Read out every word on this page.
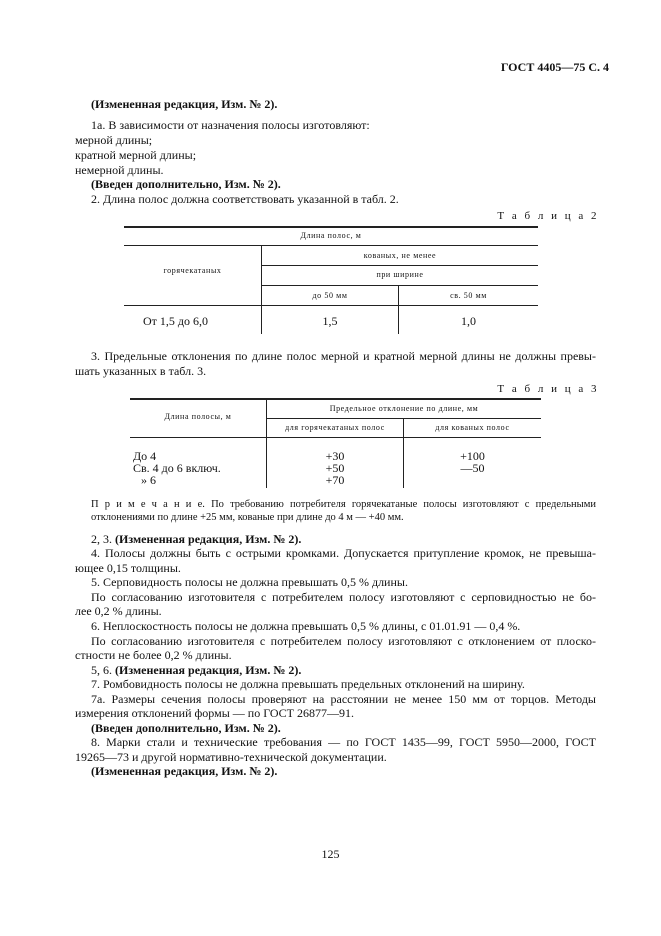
ГОСТ 4405—75 С. 4
(Измененная редакция, Изм. № 2).
1а. В зависимости от назначения полосы изготовляют:
мерной длины;
кратной мерной длины;
немерной длины.
(Введен дополнительно, Изм. № 2).
2. Длина полос должна соответствовать указанной в табл. 2.
Т а б л и ц а 2
Длина полос, м
горячекатаных
кованых, не менее
при ширине
до 50 мм	св. 50 мм
От 1,5 до 6,0	1,5	1,0
3. Предельные отклонения по длине полос мерной и кратной мерной длины не должны превы-
шать указанных в табл. 3.
Т а б л и ц а 3
Длина полосы, м
Предельное отклонение по длине, мм
для горячекатаных полос	для кованых полос
До 4	+30	+100
Св. 4 до 6 включ.	+50	—50
» 6	+70
П р и м е ч а н и е. По требованию потребителя горячекатаные полосы изготовляют с предельными
отклонениями по длине +25 мм, кованые при длине до 4 м — +40 мм.
2, 3. (Измененная редакция, Изм. № 2).
4. Полосы должны быть с острыми кромками. Допускается притупление кромок, не превыша-
ющее 0,15 толщины.
5. Серповидность полосы не должна превышать 0,5 % длины.
По согласованию изготовителя с потребителем полосу изготовляют с серповидностью не бо-
лее 0,2 % длины.
6. Неплоскостность полосы не должна превышать 0,5 % длины, с 01.01.91 — 0,4 %.
По согласованию изготовителя с потребителем полосу изготовляют с отклонением от плоско-
стности не более 0,2 % длины.
5, 6. (Измененная редакция, Изм. № 2).
7. Ромбовидность полосы не должна превышать предельных отклонений на ширину.
7а. Размеры сечения полосы проверяют на расстоянии не менее 150 мм от торцов. Методы
измерения отклонений формы — по ГОСТ 26877—91.
(Введен дополнительно, Изм. № 2).
8. Марки стали и технические требования — по ГОСТ 1435—99, ГОСТ 5950—2000, ГОСТ
19265—73 и другой нормативно-технической документации.
(Измененная редакция, Изм. № 2).
125
